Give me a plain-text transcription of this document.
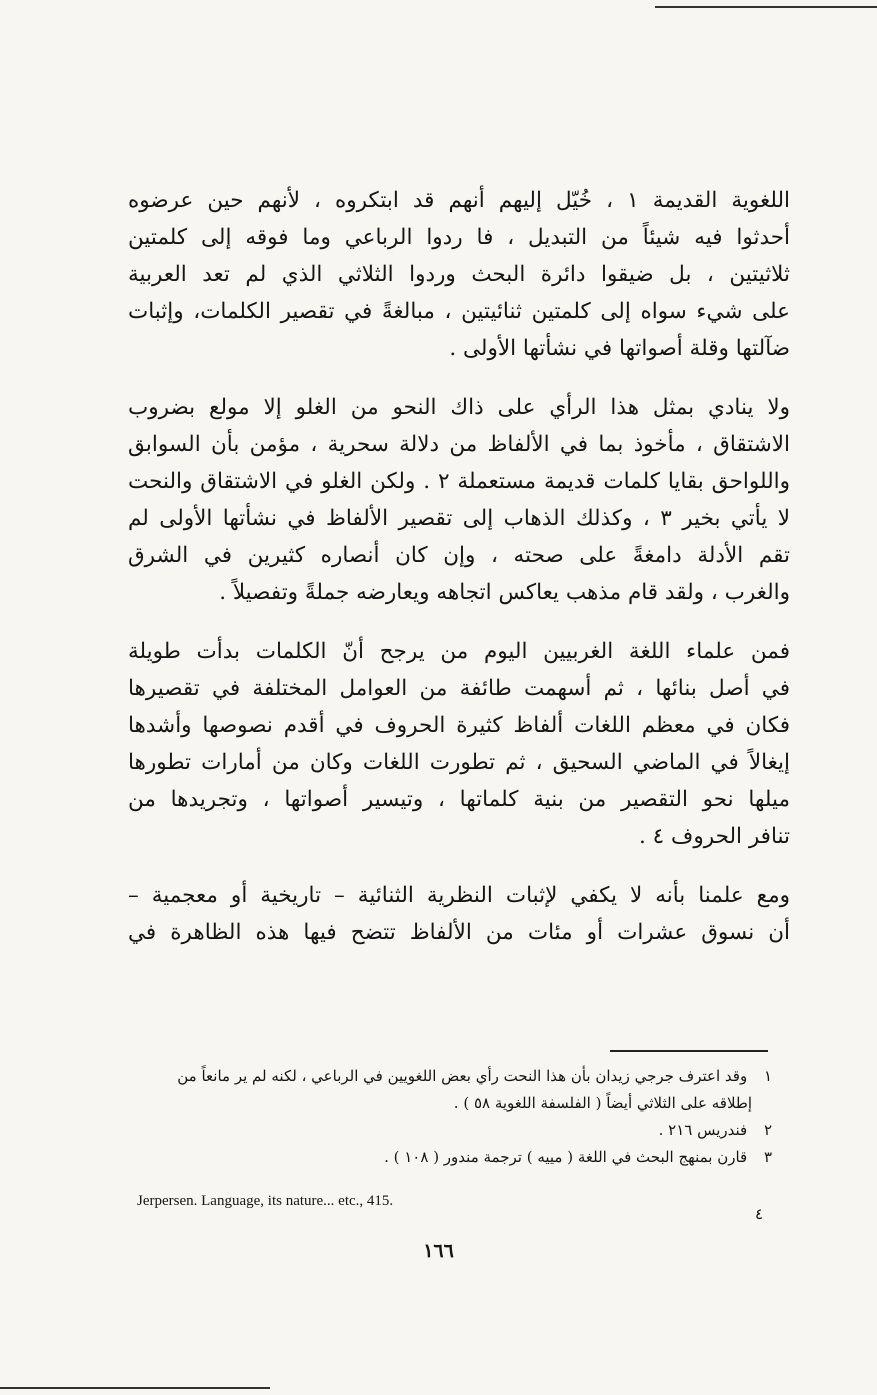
اللغوية القديمة ١ ، خُيّل إليهم أنهم قد ابتكروه ، لأنهم حين عرضوه
أحدثوا فيه شيئاً من التبديل ، فا ردوا الرباعي وما فوقه إلى كلمتين
ثلاثيتين ، بل ضيقوا دائرة البحث وردوا الثلاثي الذي لم تعد العربية
على شيء سواه إلى كلمتين ثنائيتين ، مبالغةً في تقصير الكلمات، وإثبات
ضآلتها وقلة أصواتها في نشأتها الأولى .
ولا ينادي بمثل هذا الرأي على ذاك النحو من الغلو إلا مولع بضروب
الاشتقاق ، مأخوذ بما في الألفاظ من دلالة سحرية ، مؤمن بأن السوابق
واللواحق بقايا كلمات قديمة مستعملة ٢ . ولكن الغلو في الاشتقاق والنحت
لا يأتي بخير ٣ ، وكذلك الذهاب إلى تقصير الألفاظ في نشأتها الأولى لم
تقم الأدلة دامغةً على صحته ، وإن كان أنصاره كثيرين في الشرق
والغرب ، ولقد قام مذهب يعاكس اتجاهه ويعارضه جملةً وتفصيلاً .
فمن علماء اللغة الغربيين اليوم من يرجح أنّ الكلمات بدأت طويلة
في أصل بنائها ، ثم أسهمت طائفة من العوامل المختلفة في تقصيرها
فكان في معظم اللغات ألفاظ كثيرة الحروف في أقدم نصوصها وأشدها
إيغالاً في الماضي السحيق ، ثم تطورت اللغات وكان من أمارات تطورها
ميلها نحو التقصير من بنية كلماتها ، وتيسير أصواتها ، وتجريدها من
تنافر الحروف ٤ .
ومع علمنا بأنه لا يكفي لإثبات النظرية الثنائية – تاريخية أو معجمية –
أن نسوق عشرات أو مئات من الألفاظ تتضح فيها هذه الظاهرة في
١ وقد اعترف جرجي زيدان بأن هذا النحت رأي بعض اللغويين في الرباعي ، لكنه لم ير مانعاً من
إطلاقه على الثلاثي أيضاً ( الفلسفة اللغوية ٥٨ ) .
٢ فندريس ٢١٦ .
٣ قارن بمنهج البحث في اللغة ( مييه ) ترجمة مندور ( ١٠٨ ) .
Jerpersen. Language, its nature... etc., 415.
٤
١٦٦
